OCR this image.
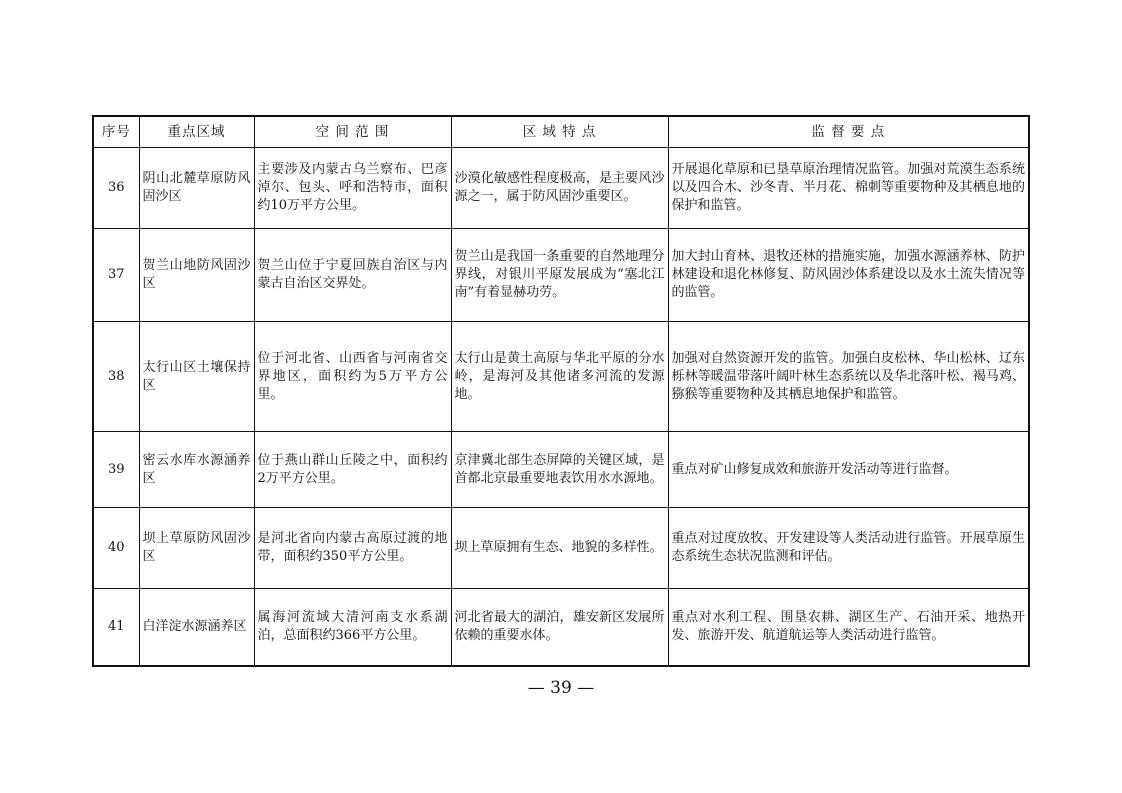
序号	重点区域	空 间 范 围	区 域 特 点	监 督 要 点
36	阴山北麓草原防风固沙区	主要涉及内蒙古乌兰察布、巴彦淖尔、包头、呼和浩特市，面积约10万平方公里。	沙漠化敏感性程度极高，是主要风沙源之一，属于防风固沙重要区。	开展退化草原和已垦草原治理情况监管。加强对荒漠生态系统以及四合木、沙冬青、半月花、棉刺等重要物种及其栖息地的保护和监管。
37	贺兰山地防风固沙区	贺兰山位于宁夏回族自治区与内蒙古自治区交界处。	贺兰山是我国一条重要的自然地理分界线，对银川平原发展成为“塞北江南”有着显赫功劳。	加大封山育林、退牧还林的措施实施，加强水源涵养林、防护林建设和退化林修复、防风固沙体系建设以及水土流失情况等的监管。
38	太行山区土壤保持区	位于河北省、山西省与河南省交界地区，面积约为5万平方公里。	太行山是黄土高原与华北平原的分水岭，是海河及其他诸多河流的发源地。	加强对自然资源开发的监管。加强白皮松林、华山松林、辽东栎林等暖温带落叶阔叶林生态系统以及华北落叶松、褐马鸡、猕猴等重要物种及其栖息地保护和监管。
39	密云水库水源涵养区	位于燕山群山丘陵之中，面积约2万平方公里。	京津冀北部生态屏障的关键区域，是首都北京最重要地表饮用水水源地。	重点对矿山修复成效和旅游开发活动等进行监督。
40	坝上草原防风固沙区	是河北省向内蒙古高原过渡的地带，面积约350平方公里。	坝上草原拥有生态、地貌的多样性。	重点对过度放牧、开发建设等人类活动进行监管。开展草原生态系统生态状况监测和评估。
41	白洋淀水源涵养区	属海河流域大清河南支水系湖泊，总面积约366平方公里。	河北省最大的湖泊，雄安新区发展所依赖的重要水体。	重点对水利工程、围垦农耕、湖区生产、石油开采、地热开发、旅游开发、航道航运等人类活动进行监管。
— 39 —
